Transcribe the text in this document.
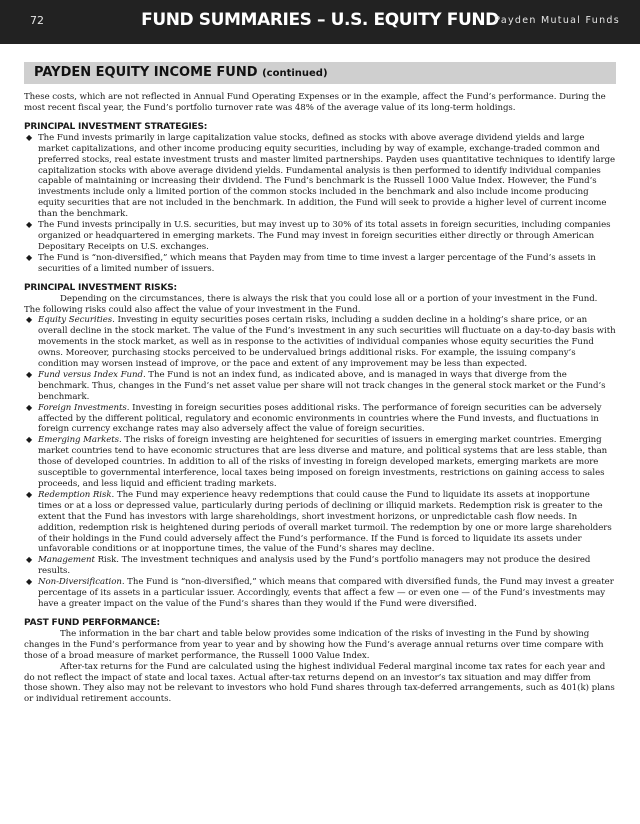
72	FUND SUMMARIES – U.S. EQUITY FUND
Payden Mutual Funds
PAYDEN EQUITY INCOME FUND (continued)

These costs, which are not reflected in Annual Fund Operating Expenses or in the example, affect the Fund’s performance. During the most recent fiscal year, the Fund’s portfolio turnover rate was 48% of the average value of its long-term holdings.

PRINCIPAL INVESTMENT STRATEGIES:

◆ The Fund invests primarily in large capitalization value stocks, defined as stocks with above average dividend yields and large market capitalizations, and other income producing equity securities, including by way of example, exchange-traded common and preferred stocks, real estate investment trusts and master limited partnerships. Payden uses quantitative techniques to identify large capitalization stocks with above average dividend yields. Fundamental analysis is then performed to identify individual companies capable of maintaining or increasing their dividend. The Fund’s benchmark is the Russell 1000 Value Index. However, the Fund’s investments include only a limited portion of the common stocks included in the benchmark and also include income producing equity securities that are not included in the benchmark. In addition, the Fund will seek to provide a higher level of current income than the benchmark.
◆ The Fund invests principally in U.S. securities, but may invest up to 30% of its total assets in foreign securities, including companies organized or headquartered in emerging markets. The Fund may invest in foreign securities either directly or through American Depositary Receipts on U.S. exchanges.
◆ The Fund is “non-diversified,” which means that Payden may from time to time invest a larger percentage of the Fund’s assets in securities of a limited number of issuers.

PRINCIPAL INVESTMENT RISKS:

Depending on the circumstances, there is always the risk that you could lose all or a portion of your investment in the Fund. The following risks could also affect the value of your investment in the Fund.

◆ Equity Securities. Investing in equity securities poses certain risks, including a sudden decline in a holding’s share price, or an overall decline in the stock market. The value of the Fund’s investment in any such securities will fluctuate on a day-to-day basis with movements in the stock market, as well as in response to the activities of individual companies whose equity securities the Fund owns. Moreover, purchasing stocks perceived to be undervalued brings additional risks. For example, the issuing company’s condition may worsen instead of improve, or the pace and extent of any improvement may be less than expected.
◆ Fund versus Index Fund. The Fund is not an index fund, as indicated above, and is managed in ways that diverge from the benchmark. Thus, changes in the Fund’s net asset value per share will not track changes in the general stock market or the Fund’s benchmark.
◆ Foreign Investments. Investing in foreign securities poses additional risks. The performance of foreign securities can be adversely affected by the different political, regulatory and economic environments in countries where the Fund invests, and fluctuations in foreign currency exchange rates may also adversely affect the value of foreign securities.
◆ Emerging Markets. The risks of foreign investing are heightened for securities of issuers in emerging market countries. Emerging market countries tend to have economic structures that are less diverse and mature, and political systems that are less stable, than those of developed countries. In addition to all of the risks of investing in foreign developed markets, emerging markets are more susceptible to governmental interference, local taxes being imposed on foreign investments, restrictions on gaining access to sales proceeds, and less liquid and efficient trading markets.
◆ Redemption Risk. The Fund may experience heavy redemptions that could cause the Fund to liquidate its assets at inopportune times or at a loss or depressed value, particularly during periods of declining or illiquid markets. Redemption risk is greater to the extent that the Fund has investors with large shareholdings, short investment horizons, or unpredictable cash flow needs. In addition, redemption risk is heightened during periods of overall market turmoil. The redemption by one or more large shareholders of their holdings in the Fund could adversely affect the Fund’s performance. If the Fund is forced to liquidate its assets under unfavorable conditions or at inopportune times, the value of the Fund’s shares may decline.
◆ Management Risk. The investment techniques and analysis used by the Fund’s portfolio managers may not produce the desired results.
◆ Non-Diversification. The Fund is “non-diversified,” which means that compared with diversified funds, the Fund may invest a greater percentage of its assets in a particular issuer. Accordingly, events that affect a few — or even one — of the Fund’s investments may have a greater impact on the value of the Fund’s shares than they would if the Fund were diversified.

PAST FUND PERFORMANCE:

The information in the bar chart and table below provides some indication of the risks of investing in the Fund by showing changes in the Fund’s performance from year to year and by showing how the Fund’s average annual returns over time compare with those of a broad measure of market performance, the Russell 1000 Value Index.

After-tax returns for the Fund are calculated using the highest individual Federal marginal income tax rates for each year and do not reflect the impact of state and local taxes. Actual after-tax returns depend on an investor’s tax situation and may differ from those shown. They also may not be relevant to investors who hold Fund shares through tax-deferred arrangements, such as 401(k) plans or individual retirement accounts.
